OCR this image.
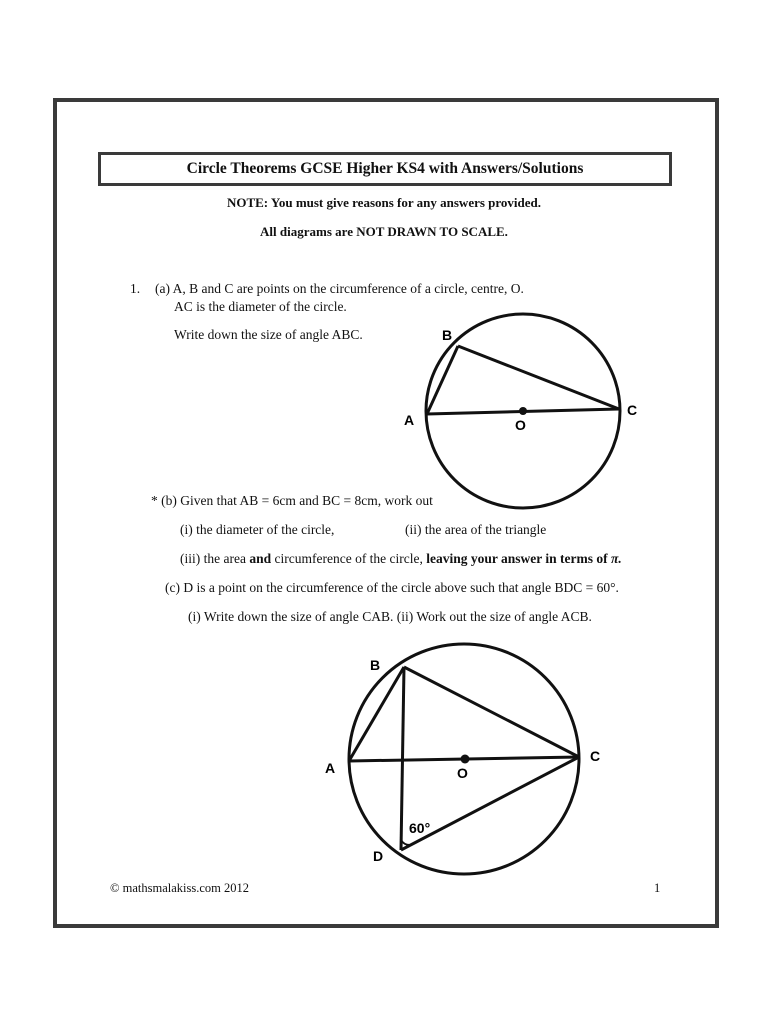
Circle Theorems GCSE Higher KS4 with Answers/Solutions
NOTE: You must give reasons for any answers provided.
All diagrams are NOT DRAWN TO SCALE.
1. (a) A, B and C are points on the circumference of a circle, centre, O.
AC is the diameter of the circle.
Write down the size of angle ABC.	B
A
C
O
* (b) Given that AB = 6cm and BC = 8cm, work out
(i) the diameter of the circle,	(ii) the area of the triangle
(iii) the area and circumference of the circle, leaving your answer in terms of π.
(c) D is a point on the circumference of the circle above such that angle BDC = 60°.
(i) Write down the size of angle CAB. (ii) Work out the size of angle ACB.
B
A
C
O
D
60°
© mathsmalakiss.com 2012	1
